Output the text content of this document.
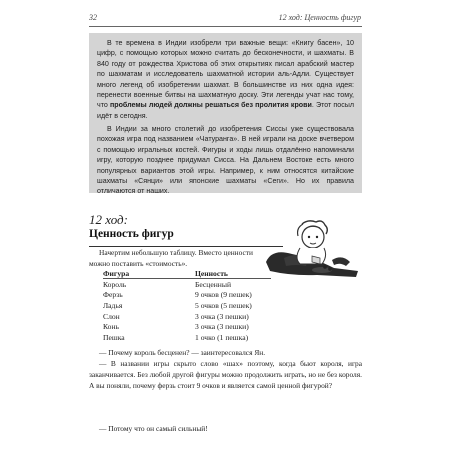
32	12 ход: Ценность фигур

В те времена в Индии изобрели три важные вещи: «Книгу басен», 10 цифр, с помощью которых можно считать до бесконечности, и шахматы. В 840 году от рождества Христова об этих открытиях писал арабский мастер по шахматам и исследователь шахматной истории аль-Адли. Существует много легенд об изобретении шахмат. В большинстве из них одна идея: перенести военные битвы на шахматную доску. Эти легенды учат нас тому, что проблемы людей должны решаться без пролития крови. Этот посыл идёт в сегодня.

В Индии за много столетий до изобретения Сиссы уже существовала похожая игра под названием «Чатуранга». В ней играли на доске вчетвером с помощью игральных костей. Фигуры и ходы лишь отдалённо напоминали игру, которую позднее придумал Сисса. На Дальнем Востоке есть много популярных вариантов этой игры. Например, к ним относятся китайские шахматы «Сянци» или японские шахматы «Сеги». Но их правила отличаются от наших.

12 ход:
Ценность фигур
Начертим небольшую таблицу. Вместо ценности можно поставить «стоимость».
Фигура	Ценность
Король	Бесценный
Ферзь	9 очков (9 пешек)
Ладья	5 очков (5 пешек)
Слон	3 очка (3 пешки)
Конь	3 очка (3 пешки)
Пешка	1 очко (1 пешка)

— Почему король бесценен? — заинтересовался Ян.

— В названии игры скрыто слово «шах» поэтому, когда бьют короля, игра заканчивается. Без любой другой фигуры можно продолжить играть, но не без короля. А вы поняли, почему ферзь стоит 9 очков и является самой ценной фигурой?

— Потому что он самый сильный!
